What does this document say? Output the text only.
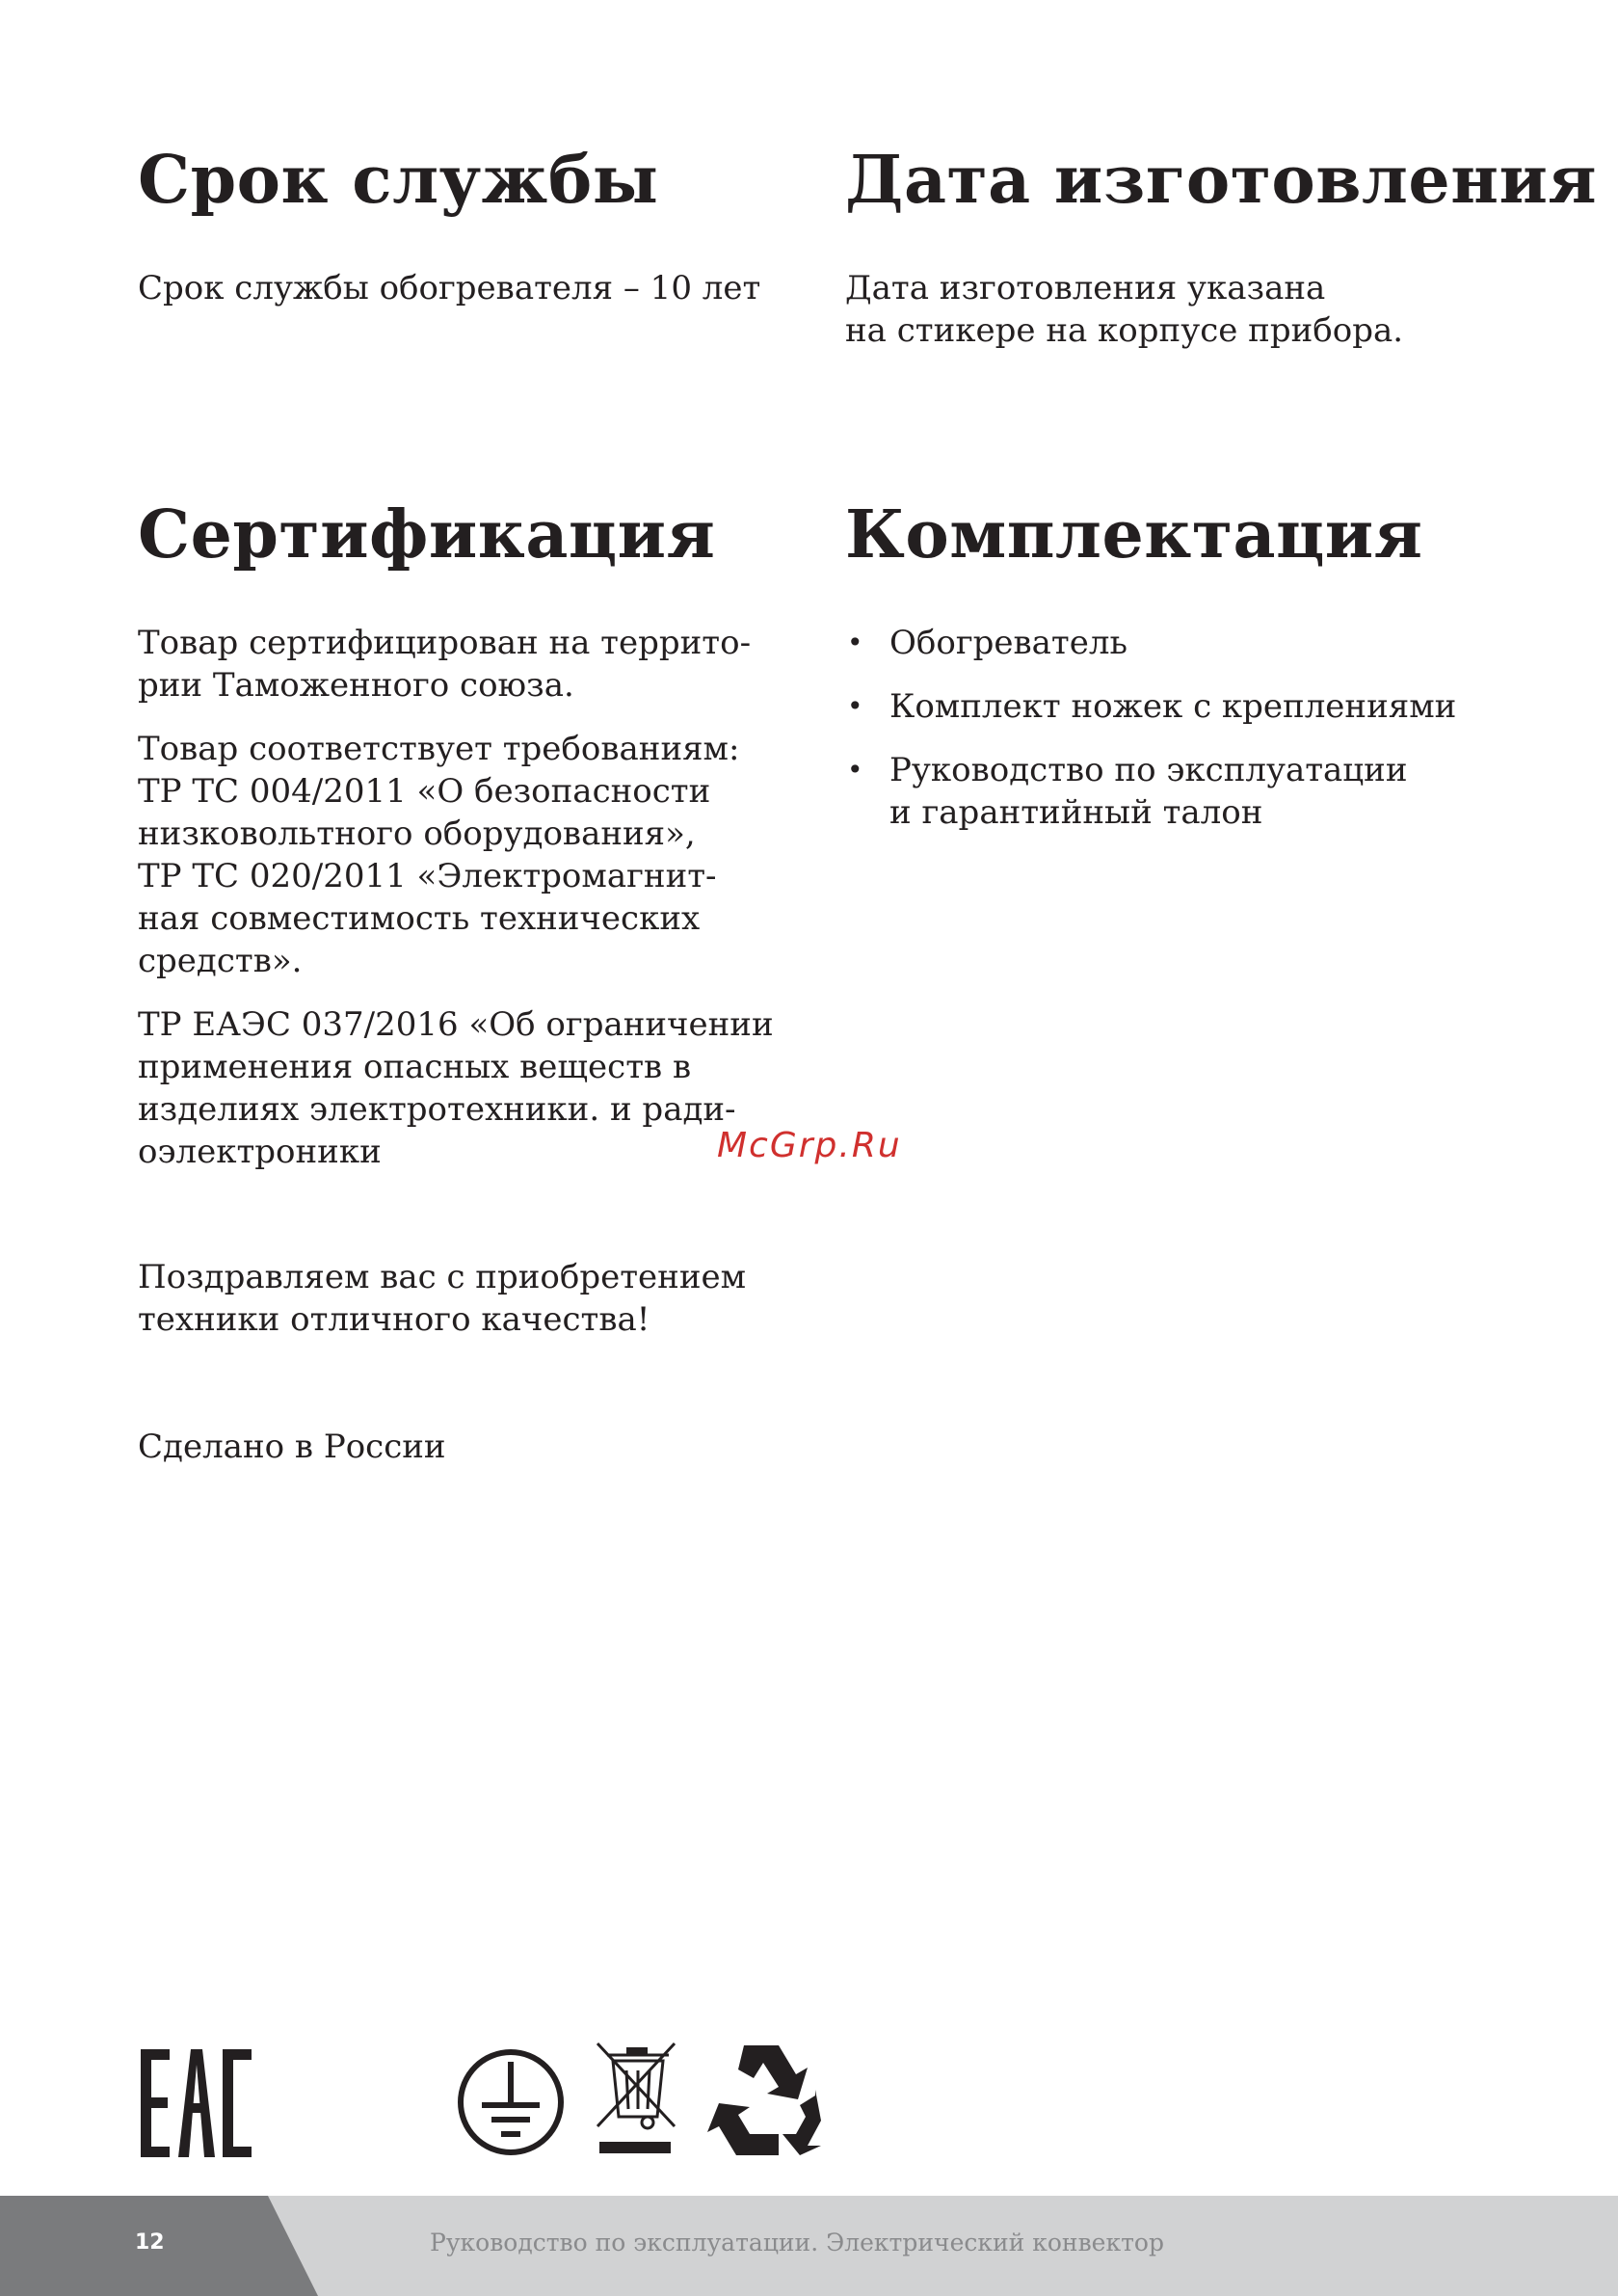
Срок службы

Срок службы обогревателя – 10 лет

Сертификация

Товар сертифицирован на террито-
рии Таможенного союза.

Товар соответствует требованиям:
ТР ТС 004/2011 «О безопасности
низковольтного оборудования»,
ТР ТС 020/2011 «Электромагнит-
ная совместимость технических
средств».

ТР ЕАЭС 037/2016 «Об ограничении
применения опасных веществ в
изделиях электротехники. и ради-
оэлектроники

Поздравляем вас с приобретением
техники отличного качества!

Сделано в России

Дата изготовления

Дата изготовления указана
на стикере на корпусе прибора.

Комплектация
• Обогреватель
• Комплект ножек с креплениями
• Руководство по эксплуатации
и гарантийный талон
McGrp.Ru
12	Руководство по эксплуатации. Электрический конвектор
